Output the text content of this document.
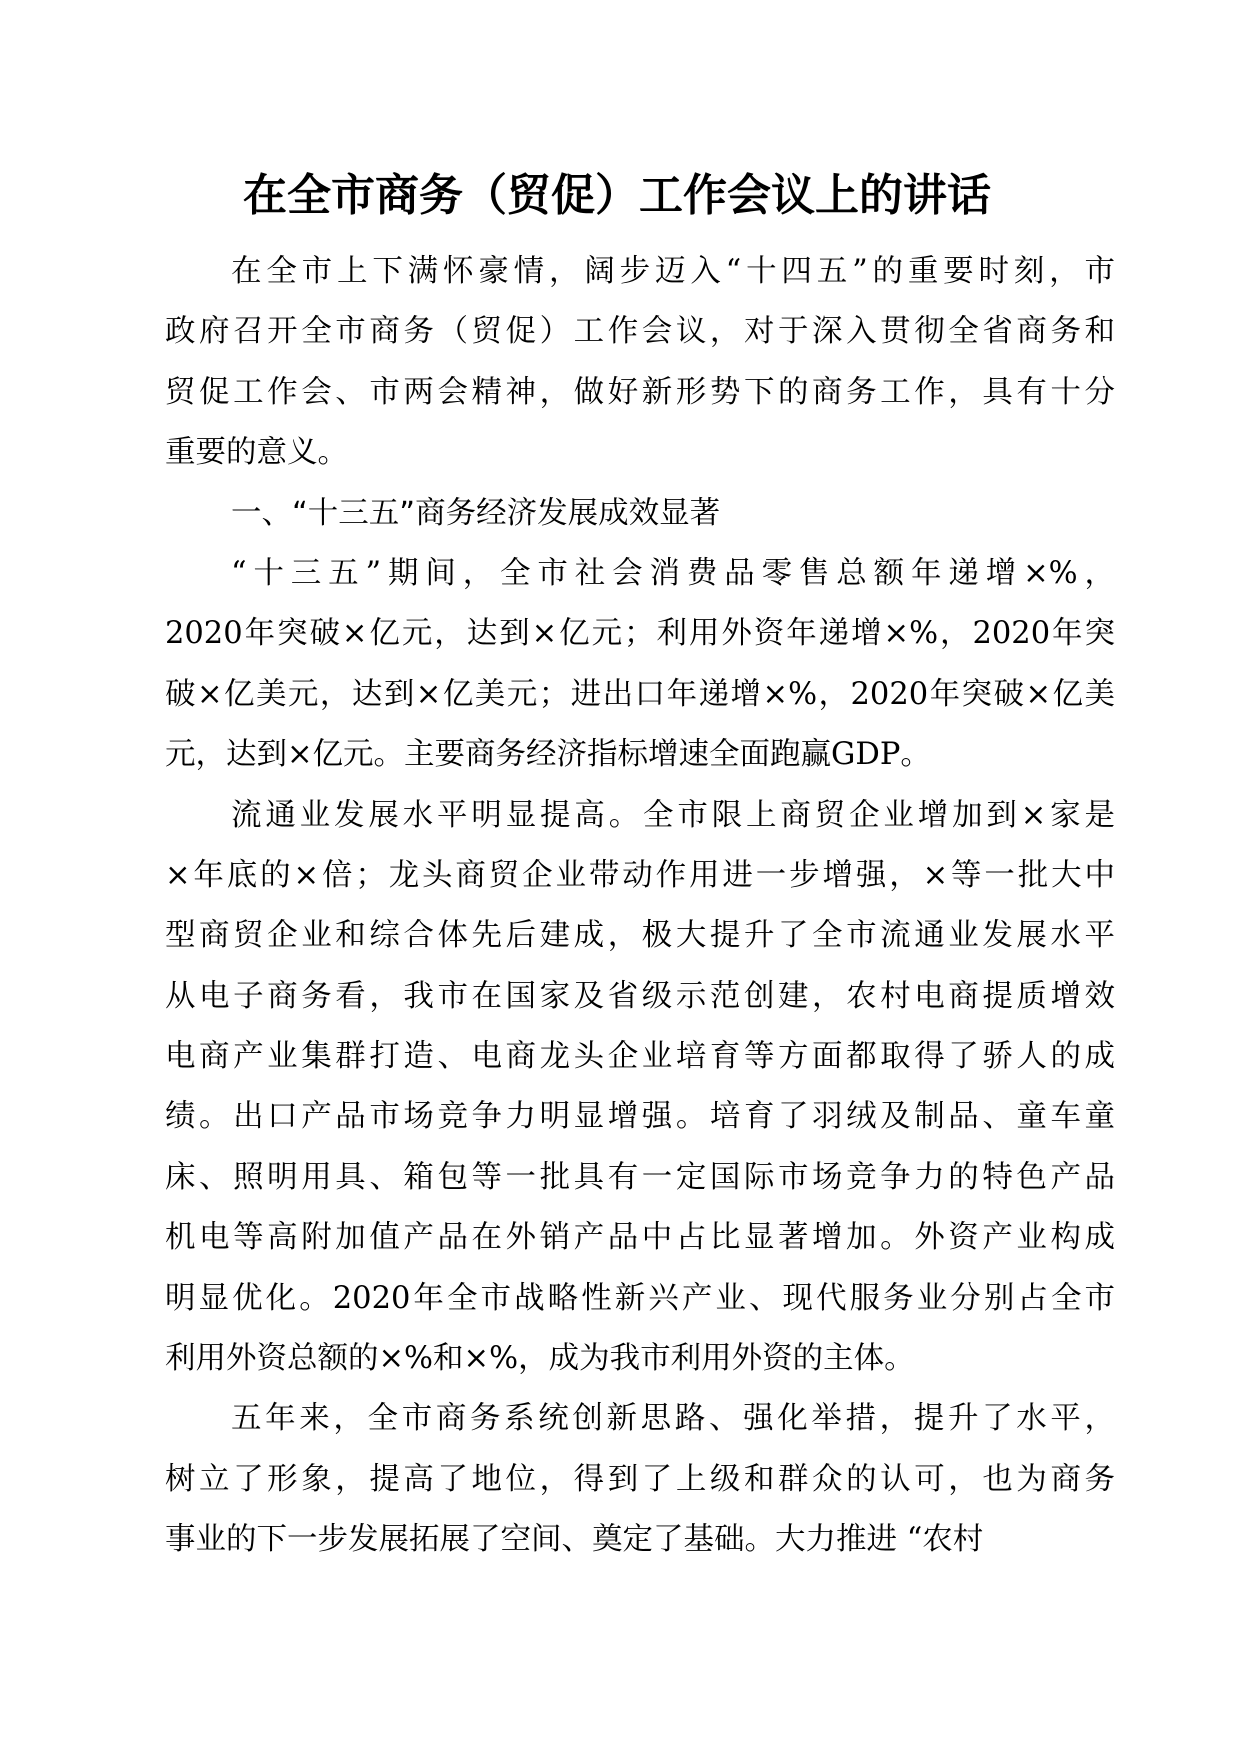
在全市商务（贸促）工作会议上的讲话
在全市上下满怀豪情，阔步迈入“十四五”的重要时刻，市
政府召开全市商务（贸促）工作会议，对于深入贯彻全省商务和
贸促工作会、市两会精神，做好新形势下的商务工作，具有十分
重要的意义。
一、“十三五”商务经济发展成效显著
“十三五”期间，全市社会消费品零售总额年递增×%，
2020年突破×亿元，达到×亿元；利用外资年递增×%，2020年突
破×亿美元，达到×亿美元；进出口年递增×%，2020年突破×亿美
元，达到×亿元。主要商务经济指标增速全面跑赢GDP。
流通业发展水平明显提高。全市限上商贸企业增加到×家是
×年底的×倍；龙头商贸企业带动作用进一步增强，×等一批大中
型商贸企业和综合体先后建成，极大提升了全市流通业发展水平
从电子商务看，我市在国家及省级示范创建，农村电商提质增效
电商产业集群打造、电商龙头企业培育等方面都取得了骄人的成
绩。出口产品市场竞争力明显增强。培育了羽绒及制品、童车童
床、照明用具、箱包等一批具有一定国际市场竞争力的特色产品
机电等高附加值产品在外销产品中占比显著增加。外资产业构成
明显优化。2020年全市战略性新兴产业、现代服务业分别占全市
利用外资总额的×%和×%，成为我市利用外资的主体。
五年来，全市商务系统创新思路、强化举措，提升了水平，
树立了形象，提高了地位，得到了上级和群众的认可，也为商务
事业的下一步发展拓展了空间、奠定了基础。大力推进 “农村
